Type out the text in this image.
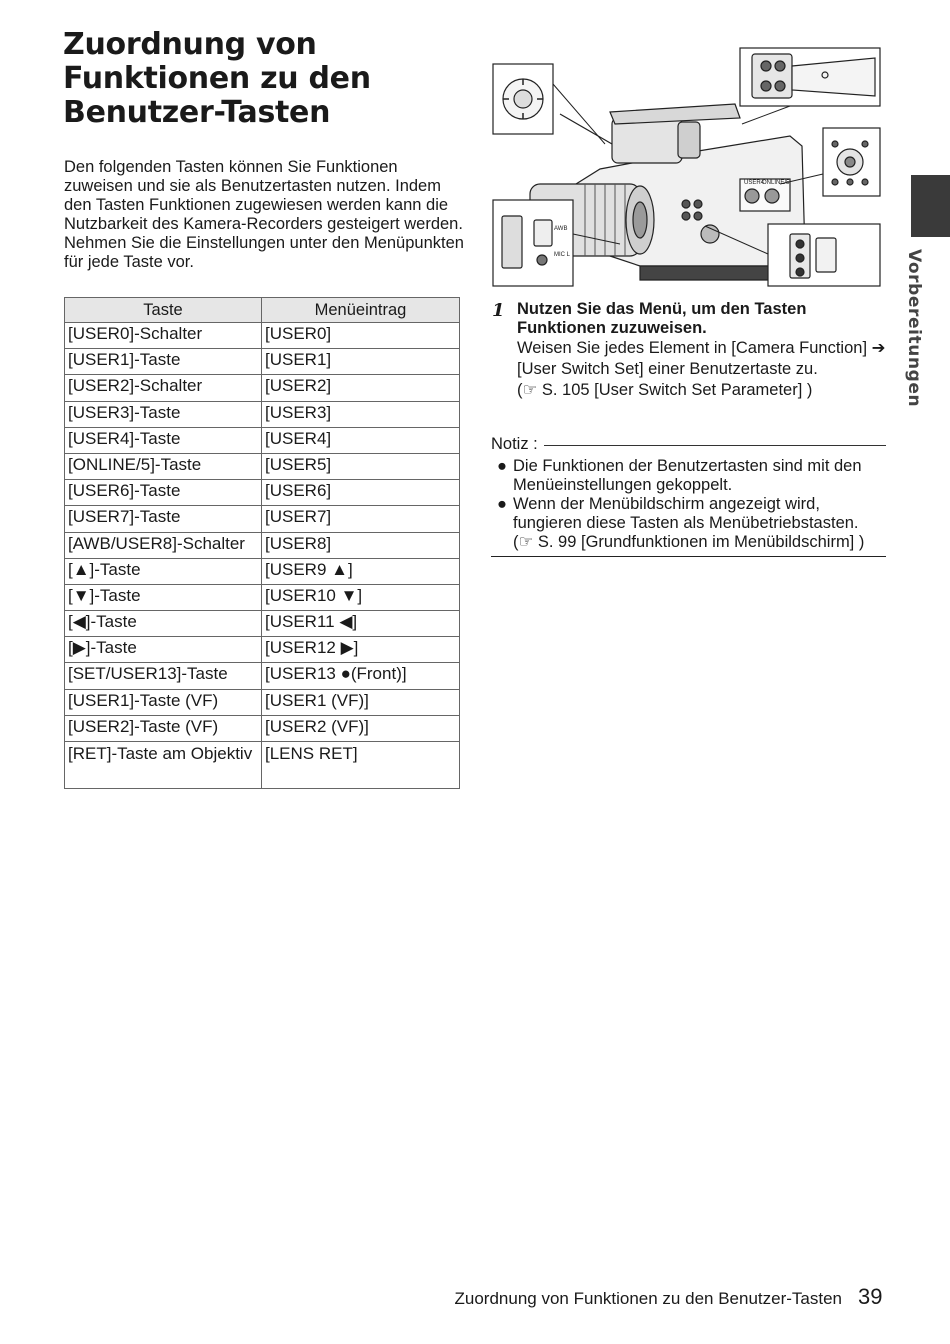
Zuordnung von Funktionen zu den Benutzer-Tasten

Den folgenden Tasten können Sie Funktionen zuweisen und sie als Benutzertasten nutzen. Indem den Tasten Funktionen zugewiesen werden kann die Nutzbarkeit des Kamera-Recorders gesteigert werden.

Nehmen Sie die Einstellungen unter den Menüpunkten für jede Taste vor.

Taste	Menüeintrag
[USER0]-Schalter	[USER0]
[USER1]-Taste	[USER1]
[USER2]-Schalter	[USER2]
[USER3]-Taste	[USER3]
[USER4]-Taste	[USER4]
[ONLINE/5]-Taste	[USER5]
[USER6]-Taste	[USER6]
[USER7]-Taste	[USER7]
[AWB/USER8]-Schalter	[USER8]
[▲]-Taste	[USER9 ▲]
[▼]-Taste	[USER10 ▼]
[◀]-Taste	[USER11 ◀]
[▶]-Taste	[USER12 ▶]
[SET/USER13]-Taste	[USER13 ●(Front)]
[USER1]-Taste (VF)	[USER1 (VF)]
[USER2]-Taste (VF)	[USER2 (VF)]
[RET]-Taste am Objektiv	[LENS RET]
USER4
ONLINE/5
AWB
MIC L
1 Nutzen Sie das Menü, um den Tasten Funktionen zuzuweisen.
Weisen Sie jedes Element in [Camera Function] ➔ [User Switch Set] einer Benutzertaste zu.
(☞ S. 105 [User Switch Set Parameter] )
Notiz :
● Die Funktionen der Benutzertasten sind mit den Menüeinstellungen gekoppelt.
● Wenn der Menübildschirm angezeigt wird, fungieren diese Tasten als Menübetriebstasten.
(☞ S. 99 [Grundfunktionen im Menübildschirm] )
Vorbereitungen
Zuordnung von Funktionen zu den Benutzer-Tasten 39
